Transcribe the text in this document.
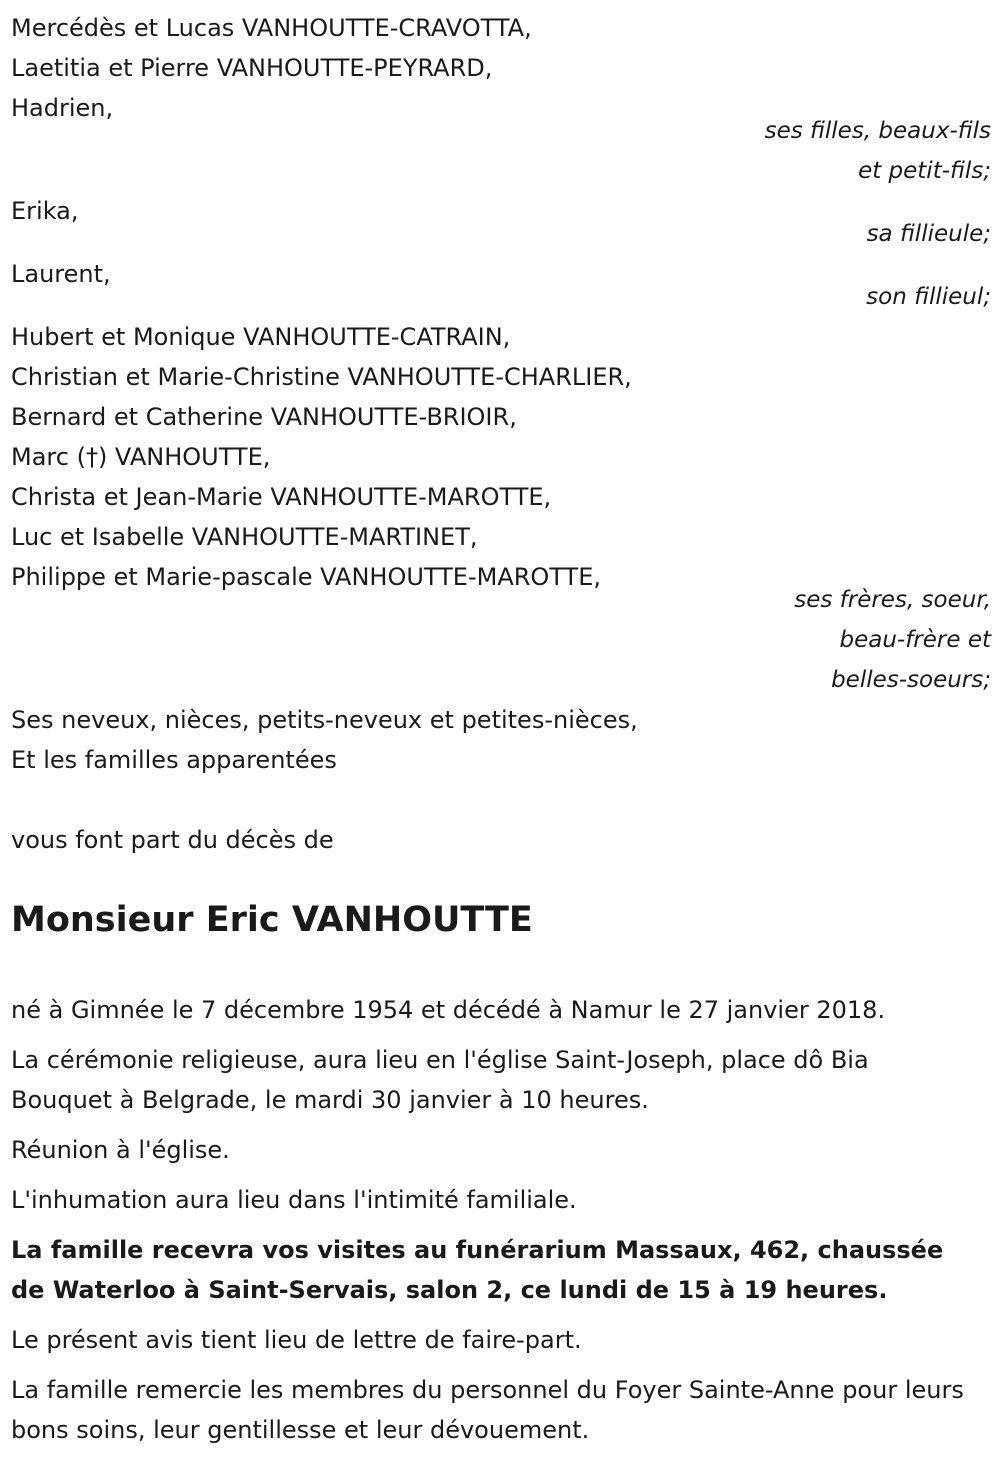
Mercédès et Lucas VANHOUTTE-CRAVOTTA,
Laetitia et Pierre VANHOUTTE-PEYRARD,
Hadrien,
ses filles, beaux-fils
et petit-fils;
Erika,
sa fillieule;
Laurent,
son fillieul;
Hubert et Monique VANHOUTTE-CATRAIN,
Christian et Marie-Christine VANHOUTTE-CHARLIER,
Bernard et Catherine VANHOUTTE-BRIOIR,
Marc (†) VANHOUTTE,
Christa et Jean-Marie VANHOUTTE-MAROTTE,
Luc et Isabelle VANHOUTTE-MARTINET,
Philippe et Marie-pascale VANHOUTTE-MAROTTE,
ses frères, soeur,
beau-frère et
belles-soeurs;
Ses neveux, nièces, petits-neveux et petites-nièces,
Et les familles apparentées
vous font part du décès de
Monsieur Eric VANHOUTTE
né à Gimnée le 7 décembre 1954 et décédé à Namur le 27 janvier 2018.
La cérémonie religieuse, aura lieu en l'église Saint-Joseph, place dô Bia Bouquet à Belgrade, le mardi 30 janvier à 10 heures.
Réunion à l'église.
L'inhumation aura lieu dans l'intimité familiale.
La famille recevra vos visites au funérarium Massaux, 462, chaussée de Waterloo à Saint-Servais, salon 2, ce lundi de 15 à 19 heures.
Le présent avis tient lieu de lettre de faire-part.
La famille remercie les membres du personnel du Foyer Sainte-Anne pour leurs bons soins, leur gentillesse et leur dévouement.
